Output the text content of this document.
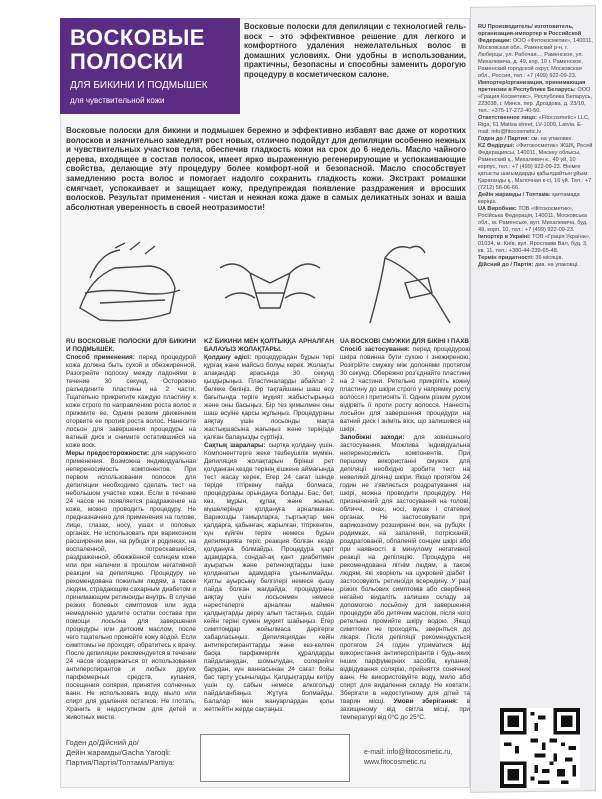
ВОСКОВЫЕ ПОЛОСКИ
ДЛЯ БИКИНИ И ПОДМЫШЕК
для чувствительной кожи
Восковые полоски для депиляции с технологией гель-воск – это эффективное решение для легкого и комфортного удаления нежелательных волос в домашних условиях. Они удобны в использовании, практичны, безопасны и способны заменить дорогую процедуру в косметическом салоне.
Восковые полоски для бикини и подмышек бережно и эффективно избавят вас даже от коротких волосков и значительно замедлят рост новых, отлично подойдут для депиляции особенно нежных и чувствительных участков тела, обеспечив гладкость кожи на срок до 6 недель. Масло чайного дерева, входящее в состав полосок, имеет ярко выраженную регенерирующие и успокаивающие свойства, делающие эту процедуру более комфорт-ной и безопасной. Масло способствует замедлению роста волос и помогает надолго сохранить гладкость кожи. Экстракт ромашки смягчает, успокаивает и защищает кожу, предупреждая появление раздражения и вросших волосков. Результат применения - чистая и нежная кожа даже в самых деликатных зонах и ваша абсолютная уверенность в своей неотразимости!
RU ВОСКОВЫЕ ПОЛОСКИ ДЛЯ БИКИНИ И ПОДМЫШЕК.
Способ применения: перед процедурой кожа должна быть сухой и обезжиренной. Разогрейте полоску между ладонями в течение 30 секунд. Осторожно разъедините пластины на 2 части. Тщательно прикрепите каждую пластину к коже строго по направлению роста волос и прижмите ее. Одним резким движением оторвите ее против роста волос. Нанесите лосьон для завершения процедуры на ватный диск и снимите остатившийся на коже воск.
Меры предосторожности: для наружного применения. Возможна индивидуальная непереносимость компонентов. При первом использовании полосок для депиляции необходимо сделать тест на небольшом участке кожи. Если в течение 24 часов не появляется раздражение на коже, можно проводить процедуру. Не предназначено для применения на голове, лице, глазах, носу, ушах и половых органах. Не использовать при варикозном расширении вен, на рубцах и родинках, на воспаленной, потрескавшейся, раздраженной, обожжённой солнцем коже или при наличии в прошлом негативной реакции на депиляцию. Процедуру не рекомендована пожилым людям, а также людям, страдающим сахарным диабетом и принимающим ретиноиды внутрь. В случае резких болевых симптомов или зуда немедленно удалите остатки состава при помощи лосьона для завершения процедуры или детским маслом, после чего тщательно промойте кожу водой. Если симптомы не проходят, обратитесь к врачу. После депиляции рекомендуется в течение 24 часов воздержаться от использования антиперспирантов и любых других парфюмерных средств, купания, посещения солярия, принятия солнечных ванн. Не использовать воду, мыло или спирт для удаления остатков. Не глотать. Хранить в недоступном для детей и животных месте.
KZ БИКИНИ МЕН ҚОЛТЫҚҚА АРНАЛҒАН БАЛАУЫЗ ЖОЛАҚТАРЫ.
Қолдану әдісі: процедурадан бұрын тері құрғақ және майсыз болуы керек. Жолақты алақандар арасында 30 секунд қыздырыңыз. Пластиналарды абайлап 2 бөлікке бөліңіз. Әр тақтайшаны шаш өсу бағытында теріге мұқият жабыстырыңыз және оны басыңыз. Бір тез қимылмен оны шаш өсуіне қарсы жұлыңыз. Процедураны аяқтау үшін лосьонды мақта жастықшасына жағыңыз және теріңізде қалған балауызды сүртіңіз.
Сақтық шаралары: сыртқа қолдану үшін. Компоненттерге жеке төзбеушілік мүмкін. Депиляция жолақтарын бірінші рет қолданған кезде терінің кішкене аймағында тест жасау керек. Егер 24 сағат ішінде теріде тітіркену пайда болмаса, процедураны орындауға болады. Бас, бет, көз, мұрын, құлақ және жыныс мүшелерінде қолдануға арналмаған. Варикозды тамырларға, тыртықтар мен қалдарға, қабынған, жарылған, тітіркенген, күн күйген теріге немесе бұрын депиляцияға теріс реакция болған кезде қолдануға болмайды. Процедура қарт адамдарға, сондай-ақ қант диабетімен ауыратын және ретиноидтарды ішке қолданатын адамдарға ұсынылмайды. Қатты ауырсыну белгілері немесе қышу пайда болған жағдайда, процедураны аяқтау үшін лосьонмен немесе нәрестелерге арналған маймен қалдықтарды дереу алып тастаңыз, содан кейін теріні сумен мұқият шайыңыз. Егер симптомдар жойылмаса дәрігерге хабарласыңыз. Депиляциядан кейін антиперспиранттарды және кез-келген басқа парфюмерлік құралдарды пайдаланудан, шомылудан, солярийге барудан, күн ваннасынан 24 сағат бойы бас тарту ұсынылады. Қалдықтарды кетіру үшін су, сабын немесе алкогольді пайдаланбаңыз. Жұтуға болмайды. Балалар мен жануарлардан қолы жетпейтін жерде сақтаңыз.
UA ВОСКОВІ СМУЖКИ ДЛЯ БІКІНІ І ПАХВ
Спосіб застосування: перед процедурою шкіра повинна бути сухою і знежиреною. Розігрійте смужку між долонями протягом 30 секунд. Обережно роз'єднайте пластини на 2 частини. Ретельно прикріпіть кожну пластину до шкіри строго у напрямку росту волосся і притисніть її. Одним різким рухом відірвіть її проти росту волосся. Нанесіть лосьйон для завершення процедури на ватний диск і зніміть віск, що залишився на шкірі.
Запобіжні заходи: для зовнішнього застосування. Можлива індивідуальна непереносимість компонентів. При першому використанні смужок для депіляції необхідно зробити тест на невеликій ділянці шкіри. Якщо протягом 24 годин не з'являється роздратування на шкірі, можна проводити процедуру. Не призначений для застосування на голові, обличчі, очах, носі, вухах і статевих органах. Не застосовувати при варикозному розширенні вен, на рубцях і родимках, на запаленій, потрісканій, роздратованій, обпаленій сонцем шкірі або при наявності в минулому негативної реакції на депіляцію. Процедура не рекомендована літнім людям, а також людям, які хворіють на цукровий діабет і застосовують ретиноїди всередину. У разі різких больових симптомів або свербіння негайно видаліть залишки складу за допомогою лосьйону для завершення процедури або дитячим маслом, після чого ретельно промийте шкіру водою. Якщо симптоми не проходять, зверніться до лікаря. Після депіляції рекомендується протягом 24 годин утриматися від використання антиперспірантів і будь-яких інших парфумерних засобів, купання, відвідування солярію, прийняття сонячних ванн. Не використовуйте воду, мило або спирт для видалення складу. Не ковтати. Зберігати в недоступному для дітей та тварин місці. Умови зберігання: в захищеному від світла місці, при температурі від 0°С до 25°С.
Годен до/Дійсний до/
Дейін жарамды/Gacha Yaroqli:
Партия/Партія/Топтама/Partiya:
e-mail: info@fitocosmetic.ru,
www.fitocosmetic.ru
RU Производитель/ изготовитель, организация-импортер в Российской Федерации: ООО «Фитокосметик», 140011, Московская обл., Раменский р-н, г. Люберцы, ул. Рабочая..., Раменское, ул. Михалевича, д. 49, кор. 10 г. Раменское, Раменский городской округ, Московская обл., Россия, тел.: +7 (499) 922-09-23.
Импортер/организация, принимающая претензии в Республике Беларусь: ООО «Грация Косметикс», Республика Беларусь, 223038, г. Минск, пер. Дроздова, д. 23/10, тел.: +375-17-272-40-50.
Ответственное лицо: «Fitocosmetic» LLC, Riga, 61 Matisa street, LV-1009, Latvia. E-mail: info@fitocosmetic.lv
Годен до / Партия: см. на упаковке.
KZ Өндіруші: «Фитокосметик» ЖШҚ, Ресей Федерациясы, 140011, Мәскеу облысы, Раменский қ., Михалевич к., 49 үй, 10 корпус, тел.: +7 (499) 922-09-23. Өнімге қатысты шағымдарды қабылдайтын ұйым: Қарағанды қ., Малочная к-сі, 16 үй. Тел.: +7 (7212) 56-06-66.
Дейін жарамды / Топтама: қаптамада көріңіз.
UA Виробник: ТОВ «Фітокосметик», Російська Федерація, 140011, Московська обл., м. Раменське, вул. Михалевича, буд. 49, корп. 10, тел.: +7 (499) 922-09-23.
Імпортер в Україні: ТОВ «Грація Україна», 01034, м. Київ, вул. Ярославів Вал, буд. 3, кв. 11, тел.: +380-44-239-65-48.
Термін придатності: 36 місяців.
Дійсний до / Партія: див. на упаковці.
